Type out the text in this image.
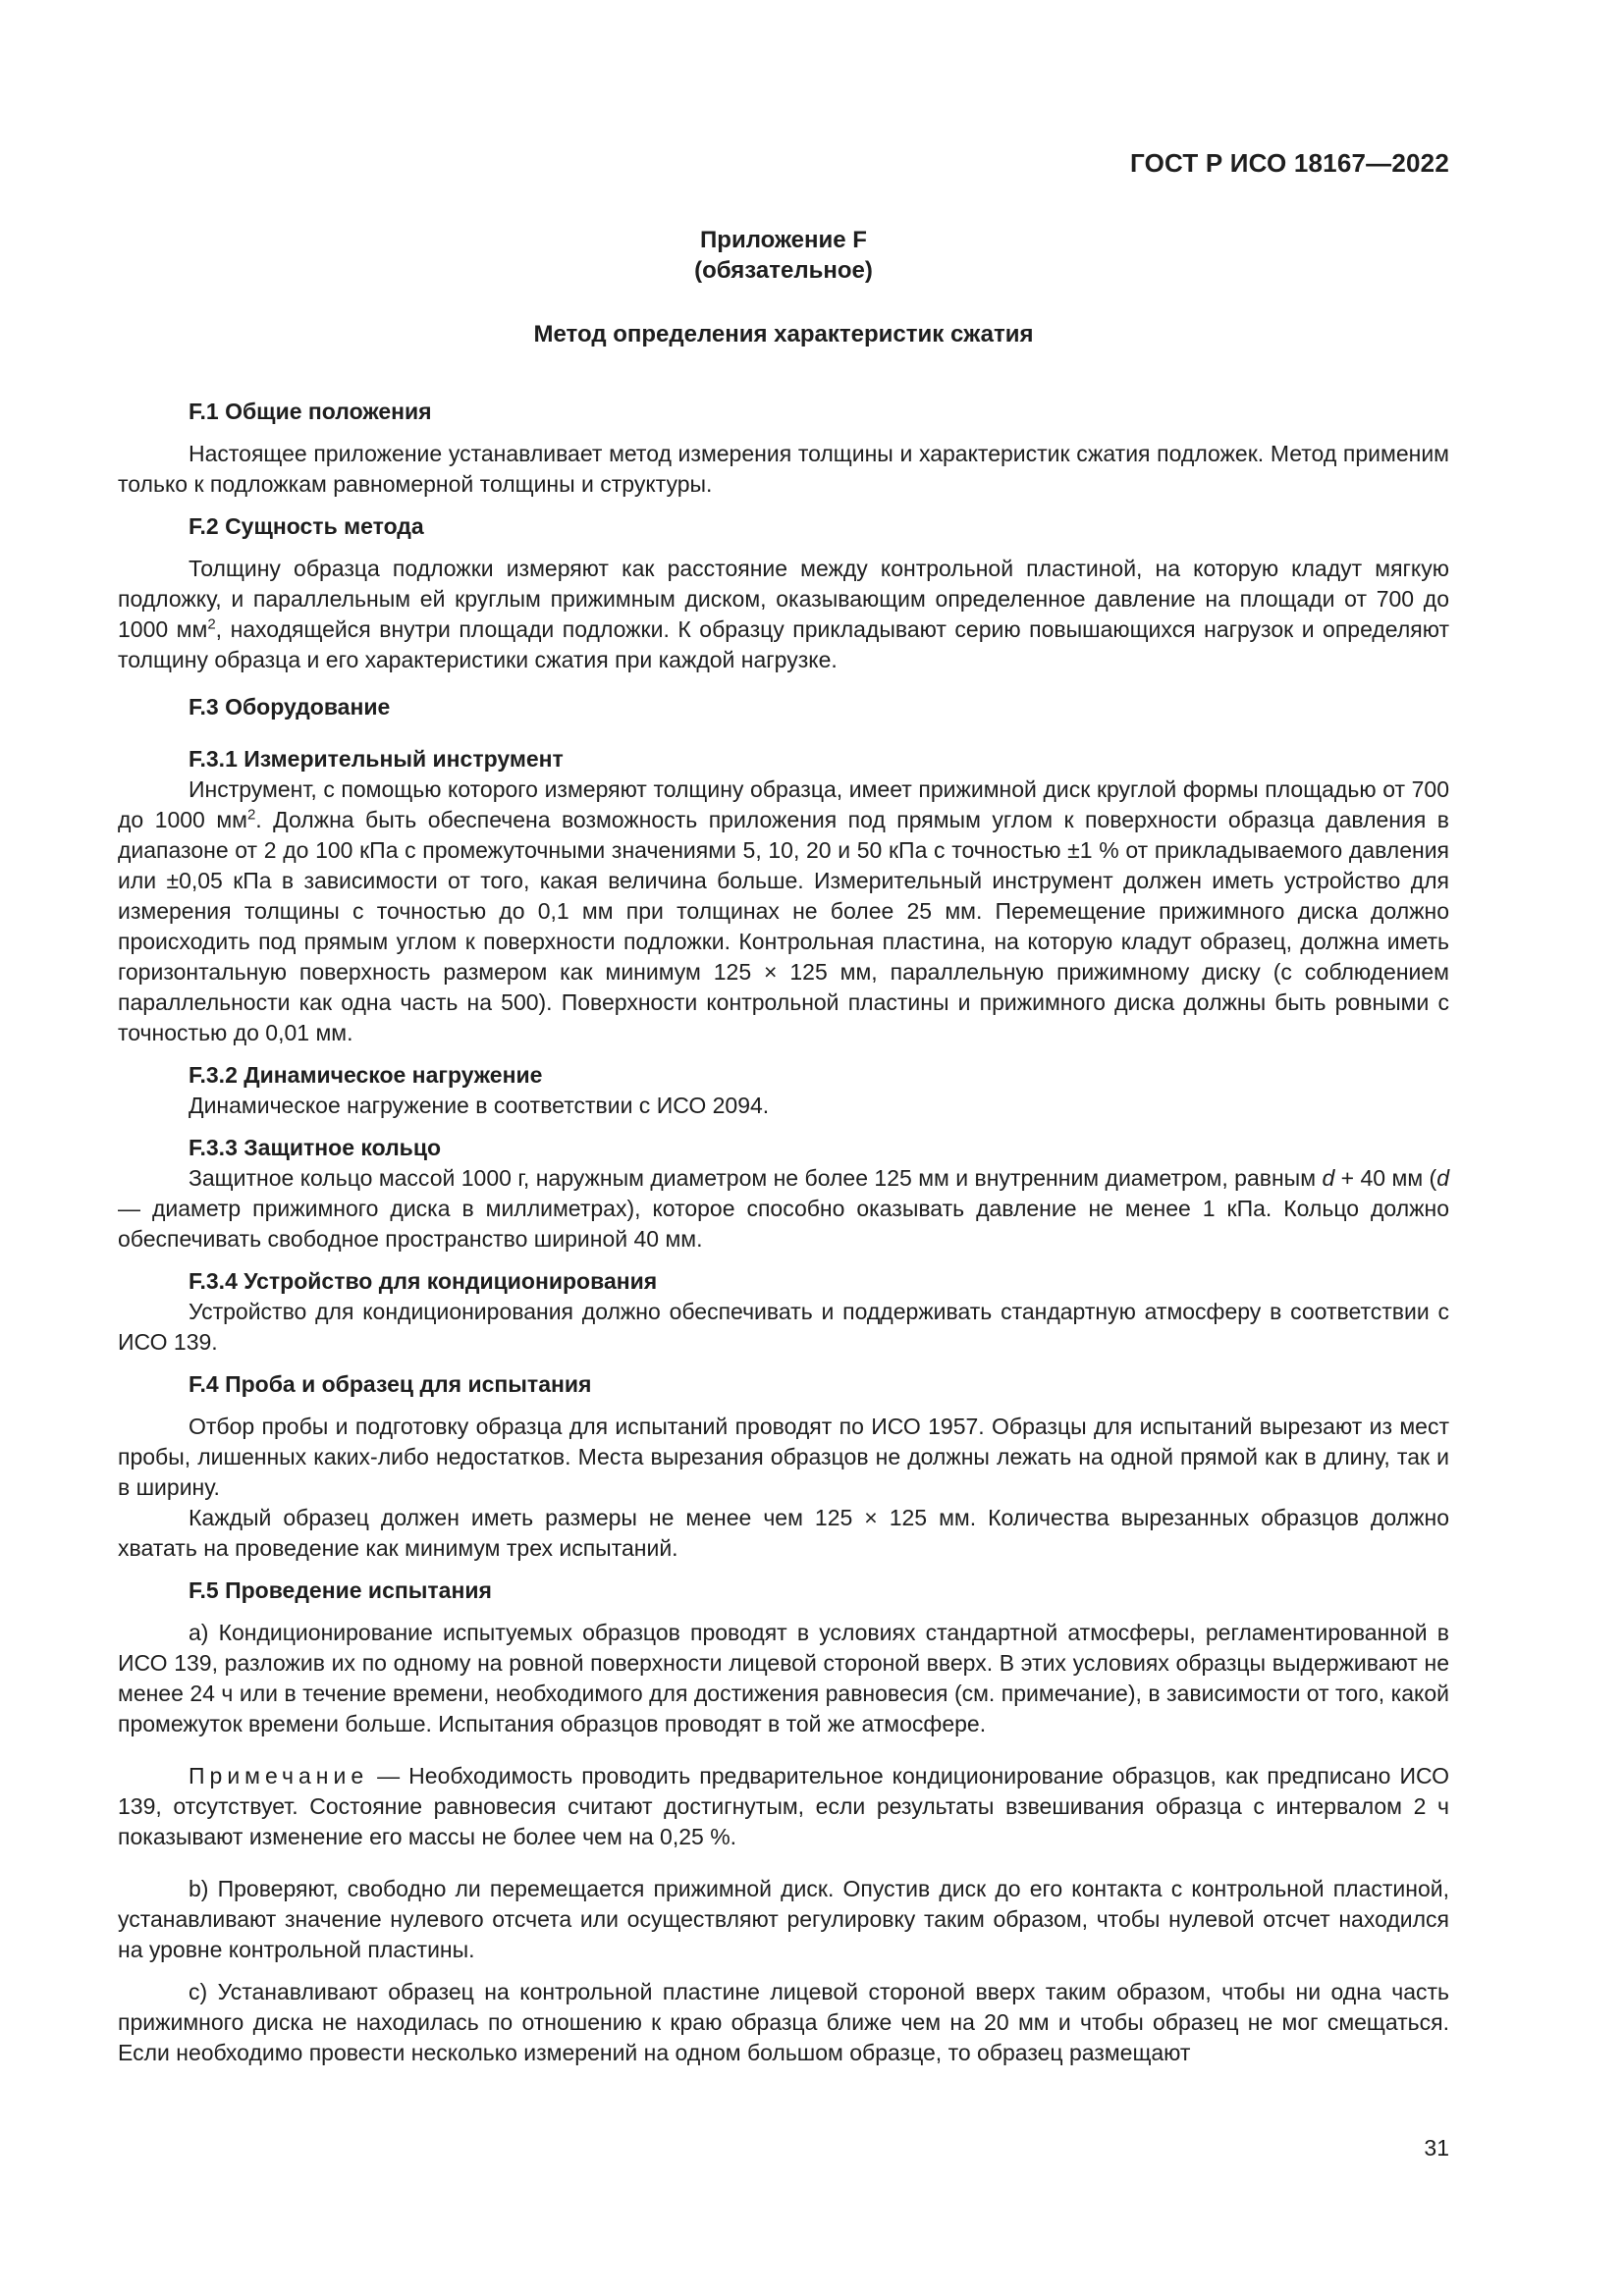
ГОСТ Р ИСО 18167—2022
Приложение F
(обязательное)
Метод определения характеристик сжатия
F.1 Общие положения

Настоящее приложение устанавливает метод измерения толщины и характеристик сжатия подложек. Метод применим только к подложкам равномерной толщины и структуры.

F.2 Сущность метода

Толщину образца подложки измеряют как расстояние между контрольной пластиной, на которую кладут мягкую подложку, и параллельным ей круглым прижимным диском, оказывающим определенное давление на площади от 700 до 1000 $мм^2$, находящейся внутри площади подложки. К образцу прикладывают серию повышающихся нагрузок и определяют толщину образца и его характеристики сжатия при каждой нагрузке.

F.3 Оборудование
F.3.1 Измерительный инструмент

Инструмент, с помощью которого измеряют толщину образца, имеет прижимной диск круглой формы площадью от 700 до 1000 $мм^2$. Должна быть обеспечена возможность приложения под прямым углом к поверхности образца давления в диапазоне от 2 до 100 кПа с промежуточными значениями 5, 10, 20 и 50 кПа с точностью ±1 % от прикладываемого давления или ±0,05 кПа в зависимости от того, какая величина больше. Измерительный инструмент должен иметь устройство для измерения толщины с точностью до 0,1 мм при толщинах не более 25 мм. Перемещение прижимного диска должно происходить под прямым углом к поверхности подложки. Контрольная пластина, на которую кладут образец, должна иметь горизонтальную поверхность размером как минимум 125 × 125 мм, параллельную прижимному диску (с соблюдением параллельности как одна часть на 500). Поверхности контрольной пластины и прижимного диска должны быть ровными с точностью до 0,01 мм.

F.3.2 Динамическое нагружение

Динамическое нагружение в соответствии с ИСО 2094.

F.3.3 Защитное кольцо

Защитное кольцо массой 1000 г, наружным диаметром не более 125 мм и внутренним диаметром, равным d + 40 мм (d — диаметр прижимного диска в миллиметрах), которое способно оказывать давление не менее 1 кПа. Кольцо должно обеспечивать свободное пространство шириной 40 мм.

F.3.4 Устройство для кондиционирования

Устройство для кондиционирования должно обеспечивать и поддерживать стандартную атмосферу в соответствии с ИСО 139.

F.4 Проба и образец для испытания

Отбор пробы и подготовку образца для испытаний проводят по ИСО 1957. Образцы для испытаний вырезают из мест пробы, лишенных каких-либо недостатков. Места вырезания образцов не должны лежать на одной прямой как в длину, так и в ширину.

Каждый образец должен иметь размеры не менее чем 125 × 125 мм. Количества вырезанных образцов должно хватать на проведение как минимум трех испытаний.

F.5 Проведение испытания

а) Кондиционирование испытуемых образцов проводят в условиях стандартной атмосферы, регламентированной в ИСО 139, разложив их по одному на ровной поверхности лицевой стороной вверх. В этих условиях образцы выдерживают не менее 24 ч или в течение времени, необходимого для достижения равновесия (см. примечание), в зависимости от того, какой промежуток времени больше. Испытания образцов проводят в той же атмосфере.

Примечание — Необходимость проводить предварительное кондиционирование образцов, как предписано ИСО 139, отсутствует. Состояние равновесия считают достигнутым, если результаты взвешивания образца с интервалом 2 ч показывают изменение его массы не более чем на 0,25 %.

b) Проверяют, свободно ли перемещается прижимной диск. Опустив диск до его контакта с контрольной пластиной, устанавливают значение нулевого отсчета или осуществляют регулировку таким образом, чтобы нулевой отсчет находился на уровне контрольной пластины.

с) Устанавливают образец на контрольной пластине лицевой стороной вверх таким образом, чтобы ни одна часть прижимного диска не находилась по отношению к краю образца ближе чем на 20 мм и чтобы образец не мог смещаться. Если необходимо провести несколько измерений на одном большом образце, то образец размещают

31
